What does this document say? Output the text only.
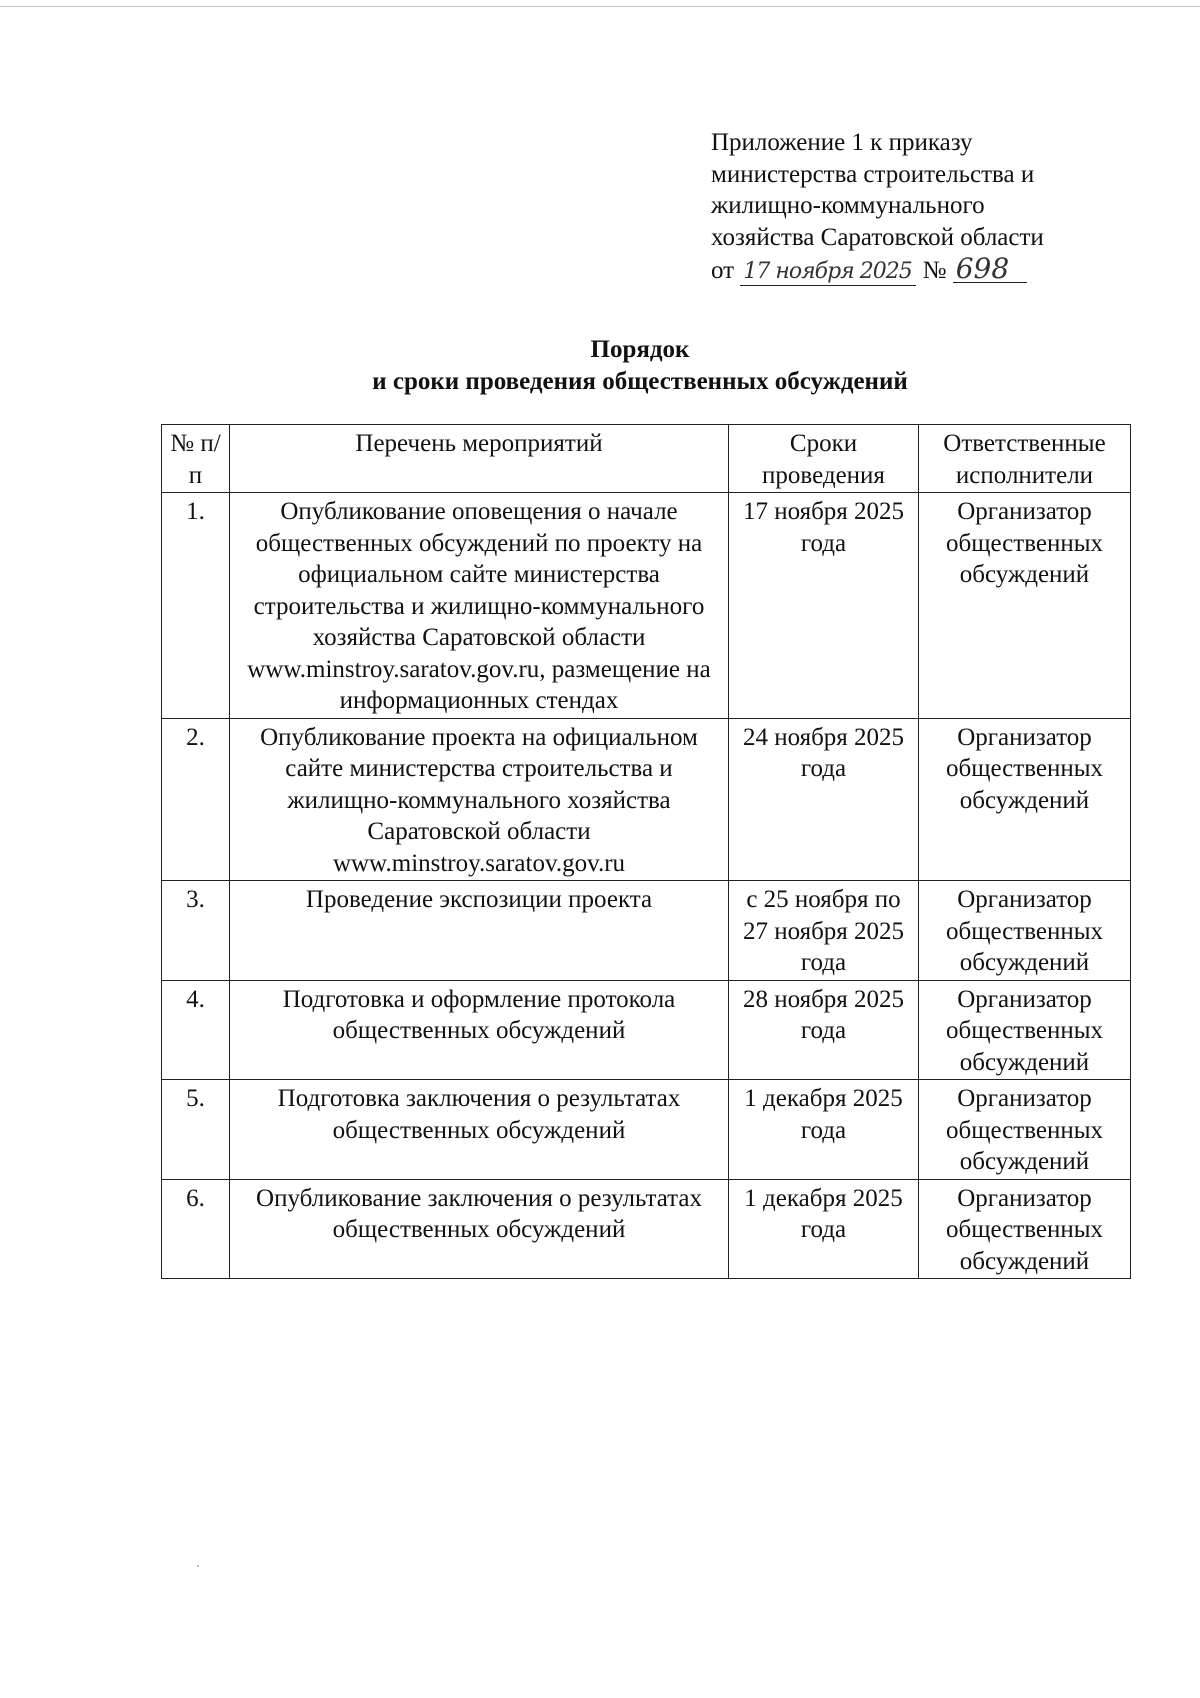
Приложение 1 к приказу
министерства строительства и
жилищно-коммунального
хозяйства Саратовской области
от 17 ноября 2025 № 698
Порядок
и сроки проведения общественных обсуждений
№ п/п	Перечень мероприятий	Сроки проведения	Ответственные исполнители
1.	Опубликование оповещения о начале общественных обсуждений по проекту на официальном сайте министерства строительства и жилищно-коммунального хозяйства Саратовской области www.minstroy.saratov.gov.ru, размещение на информационных стендах	17 ноября 2025 года	Организатор общественных обсуждений
2.	Опубликование проекта на официальном сайте министерства строительства и жилищно-коммунального хозяйства Саратовской области www.minstroy.saratov.gov.ru	24 ноября 2025 года	Организатор общественных обсуждений
3.	Проведение экспозиции проекта	с 25 ноября по 27 ноября 2025 года	Организатор общественных обсуждений
4.	Подготовка и оформление протокола общественных обсуждений	28 ноября 2025 года	Организатор общественных обсуждений
5.	Подготовка заключения о результатах общественных обсуждений	1 декабря 2025 года	Организатор общественных обсуждений
6.	Опубликование заключения о результатах общественных обсуждений	1 декабря 2025 года	Организатор общественных обсуждений
